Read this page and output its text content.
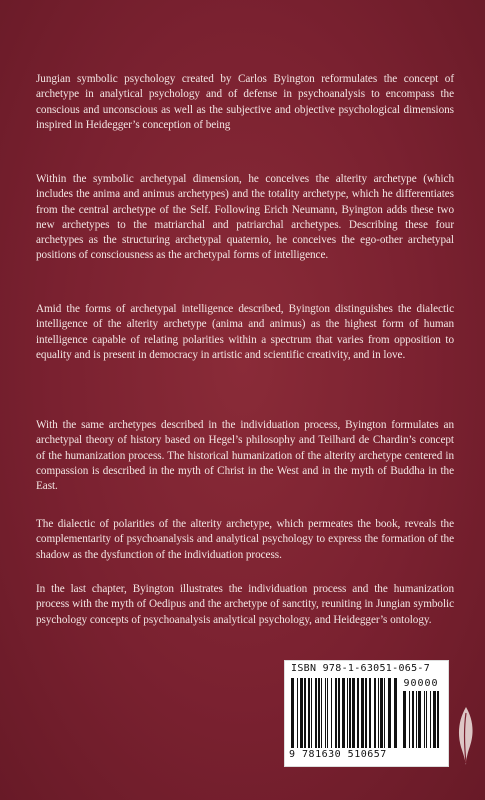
Jungian symbolic psychology created by Carlos Byington reformulates the concept of archetype in analytical psychology and of defense in psychoanalysis to encompass the conscious and unconscious as well as the subjective and objective psychological dimensions inspired in Heidegger’s conception of being

Within the symbolic archetypal dimension, he conceives the alterity archetype (which includes the anima and animus archetypes) and the totality archetype, which he differentiates from the central archetype of the Self. Following Erich Neumann, Byington adds these two new archetypes to the matriarchal and patriarchal archetypes. Describing these four archetypes as the structuring archetypal quaternio, he conceives the ego-other archetypal positions of consciousness as the archetypal forms of intelligence.

Amid the forms of archetypal intelligence described, Byington distinguishes the dialectic intelligence of the alterity archetype (anima and animus) as the highest form of human intelligence capable of relating polarities within a spectrum that varies from opposition to equality and is present in democracy in artistic and scientific creativity, and in love.

With the same archetypes described in the individuation process, Byington formulates an archetypal theory of history based on Hegel’s philosophy and Teilhard de Chardin’s concept of the humanization process. The historical humanization of the alterity archetype centered in compassion is described in the myth of Christ in the West and in the myth of Buddha in the East.

The dialectic of polarities of the alterity archetype, which permeates the book, reveals the complementarity of psychoanalysis and analytical psychology to express the formation of the shadow as the dysfunction of the individuation process.

In the last chapter, Byington illustrates the individuation process and the humanization process with the myth of Oedipus and the archetype of sanctity, reuniting in Jungian symbolic psychology concepts of psychoanalysis analytical psychology, and Heidegger’s ontology.

ISBN 978-1-63051-065-7
90000
9 781630 510657
